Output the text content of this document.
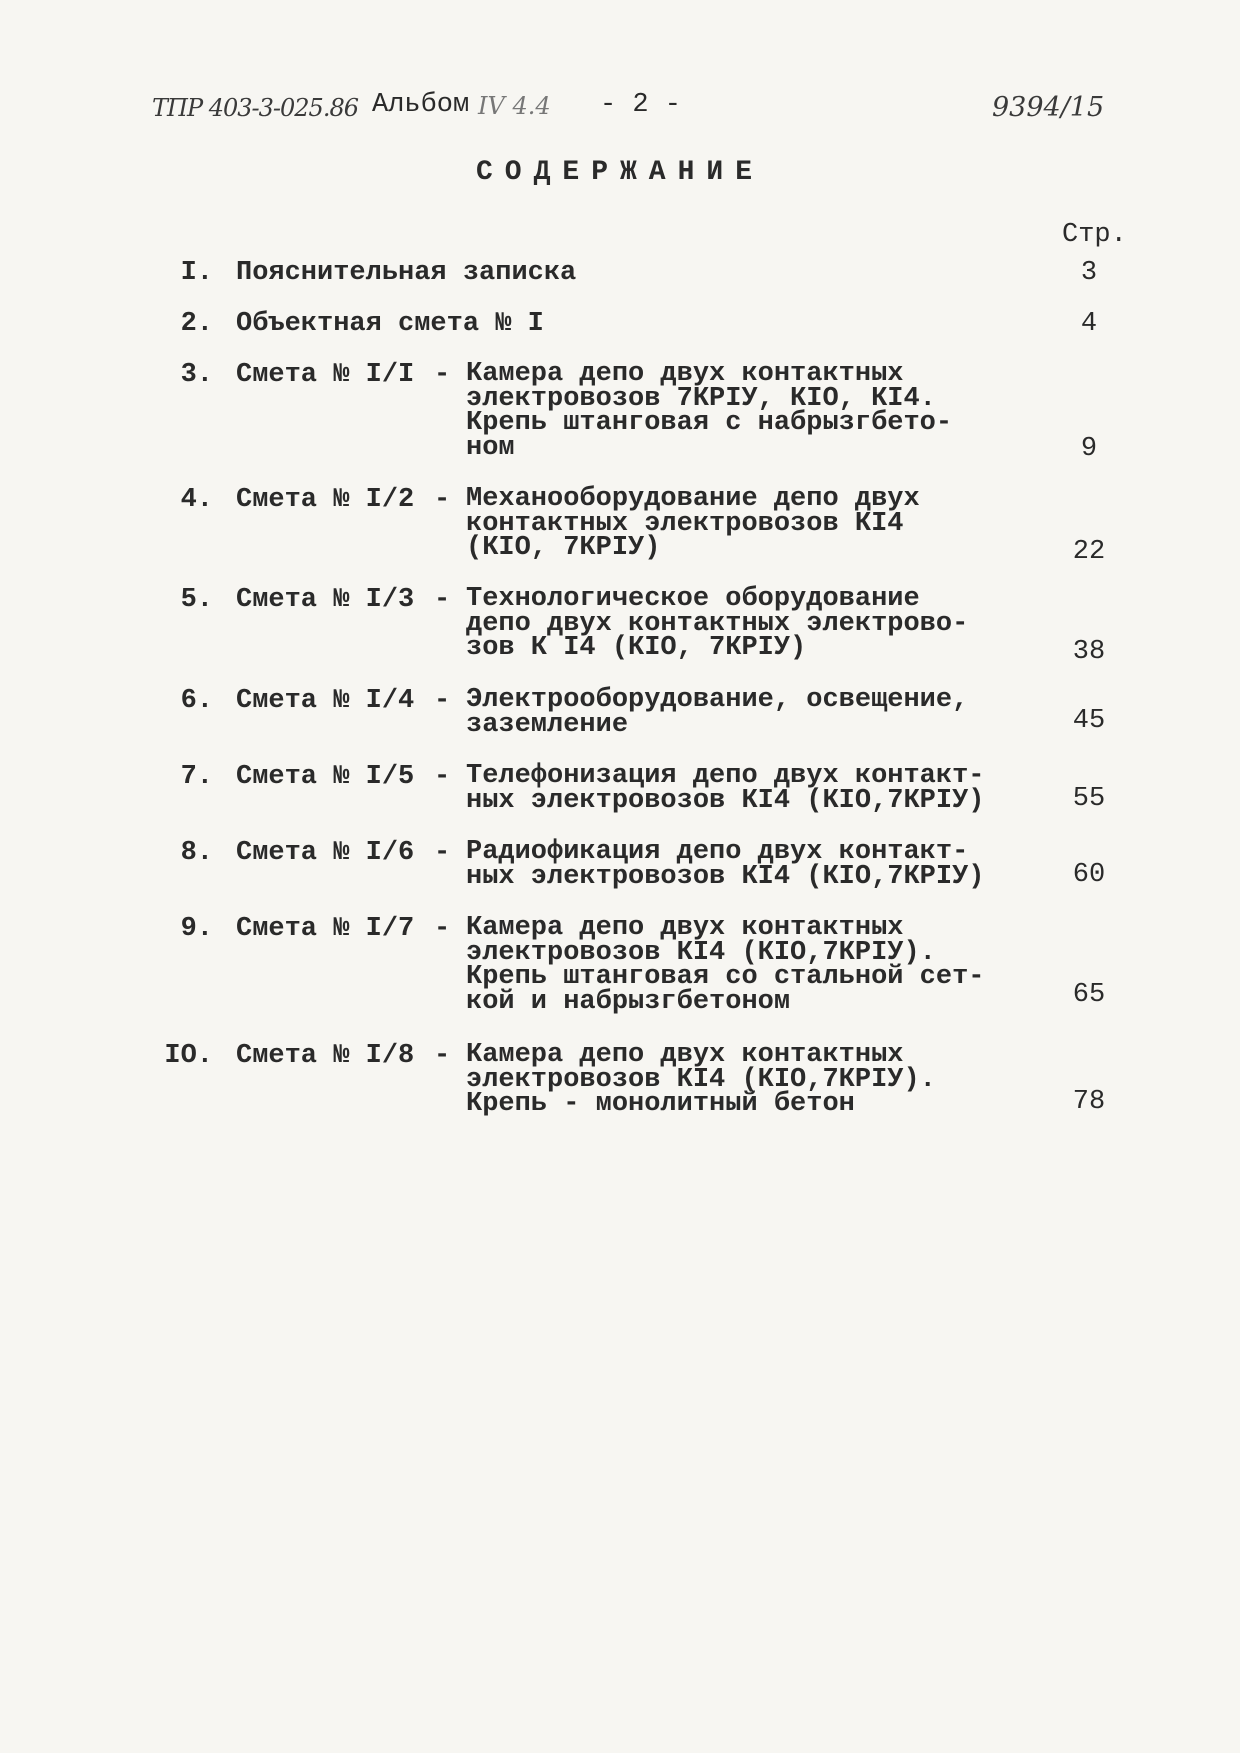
ТПР 403-3-025.86 Альбом IV 4.4 - 2 -	9394/15
СОДЕРЖАНИЕ
Стр.
I. Пояснительная записка	3
2. Объектная смета № I	4
3. Смета № I/I - Камера депо двух контактных
электровозов 7КРIУ, КIO, КI4.
Крепь штанговая с набрызгбето-
ном	9
4. Смета № I/2 - Механооборудование депо двух
контактных электровозов КI4
(КIO, 7КРIУ)	22
5. Смета № I/3 - Технологическое оборудование
депо двух контактных электрово-
зов К I4 (КIO, 7КРIУ)	38
6. Смета № I/4 - Электрооборудование, освещение,
заземление	45
7. Смета № I/5 - Телефонизация депо двух контакт-
ных электровозов КI4 (КIO,7КРIУ)	55
8. Смета № I/6 - Радиофикация депо двух контакт-
ных электровозов КI4 (КIO,7КРIУ)	60
9. Смета № I/7 - Камера депо двух контактных
электровозов КI4 (КIO,7КРIУ).
Крепь штанговая со стальной сет-
кой и набрызгбетоном	65
IO. Смета № I/8 - Камера депо двух контактных
электровозов КI4 (КIO,7КРIУ).
Крепь - монолитный бетон	78
